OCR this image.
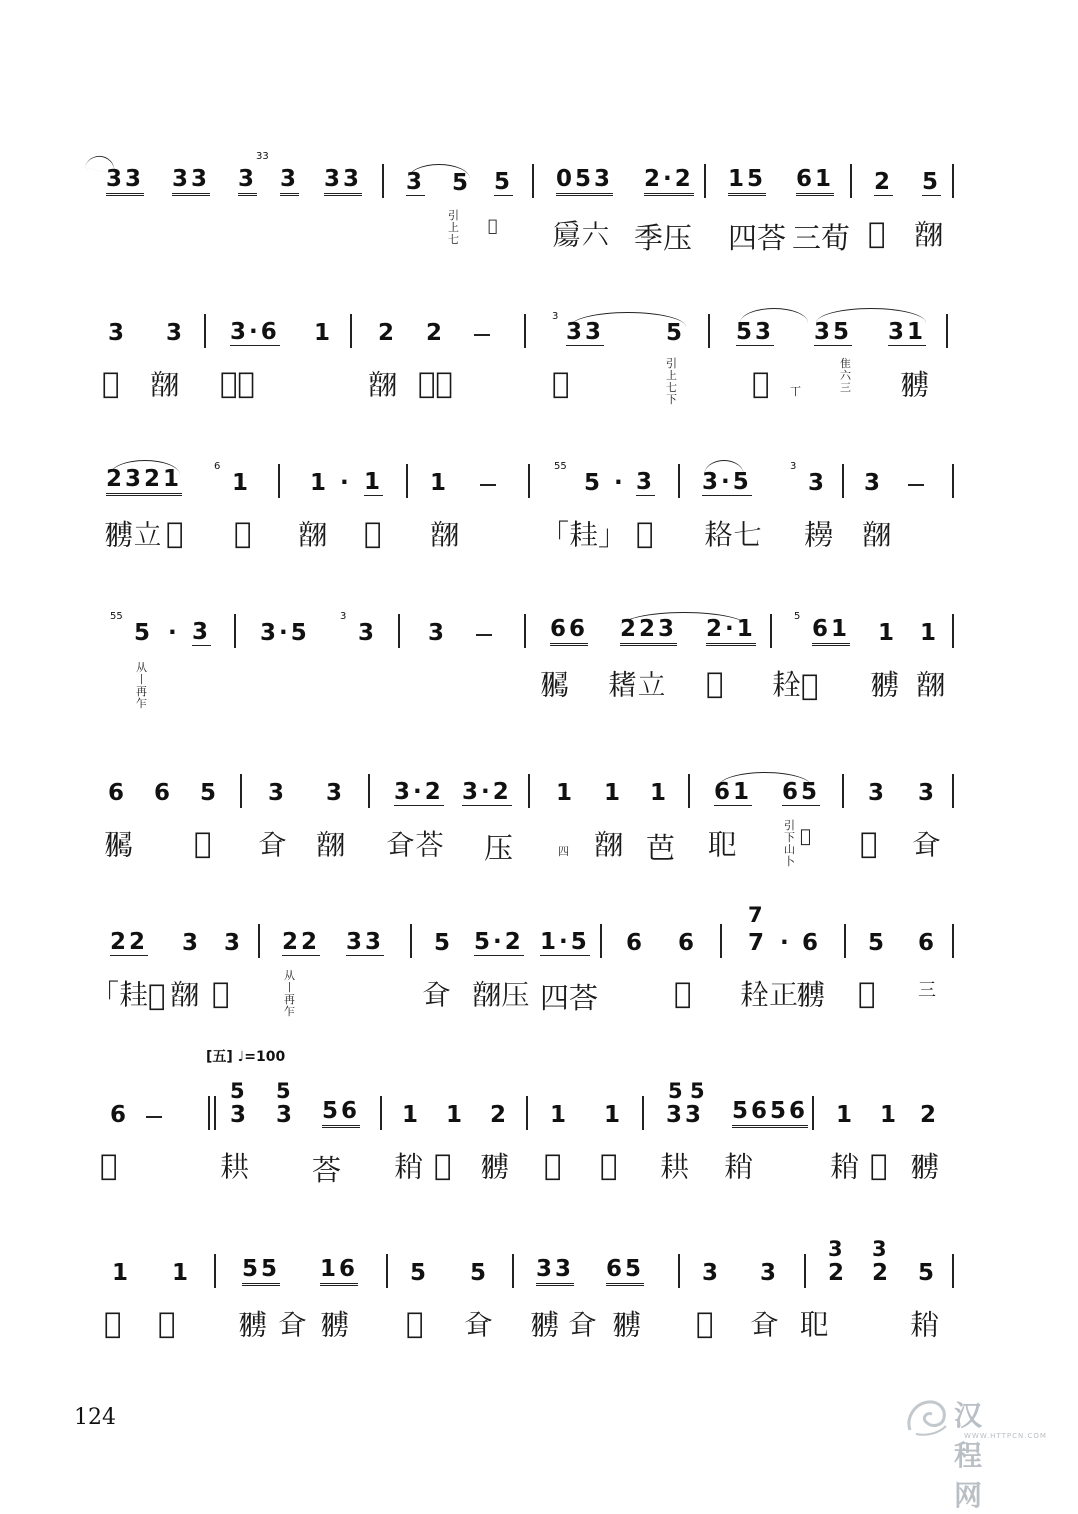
33 33
33
3 3 33 3 5 5 053 2·2 15 61 2 5
引上七
𤝤 𤔰六 季压 四荅 三荀 𦑗 𦒟
3 3 3·6 1 2 2
3
33	5 53 35 31
𦔴 𦒟 𦔴荅	𦒟 𦔴正	𦒛
引上七下	𦔴 丅
隹六三 𦒊
2321	6
1	1 · 1 1
55
5 · 3 3·5
3
3 3
𦒊立 𦓮 𦓮 𦒟 𦒛 𦒟	「𦓯」 𦓮 𦓱七 𦔨 𦒟
55
5 · 3 3·5
3
3 3	66 223 2·1	5 61 1 1
从丨再乍
𦒞 𦔌立 𦓮 𦓰𦔴 𦒊 𦒟
6 6 5 3 3 3·2 3·2 1 1 1 61 65 3 3
𦒞 𦓮 𦔵 𦒟 𦔵荅 压	四 𦒟 芭 𦔶
引下山卜
𦔴 𦓲 𦔵
7
22 3 3 22 33 5 5·2 1·5 6 6 7 · 6 5 6
「𦓯𦔴 𦒟 𦔴
从丨再乍	𦔵 𦒟压 四荅	𦔴 𦓰正
𦒊 𦓲 三
[五] ♩=100
5 5	5 5
6	3 3 56 1 1 2 1 1 33 5656 1 1 2
𦔴	𦓳 荅 𦓴 𦔴 𦒊 𦓲 𦔴 𦓳 𦓴	𦓴 𦔴 𦒊
3 3
1 1 55 16 5 5 33 65	3 3 2 2 5
𦓲 𦔴 𦒊 𦔵 𦒊 𦓲 𦔵 𦒊 𦔵 𦒊 𦓲 𦔵 𦔶	𦓴
124	汉程网
WWW.HTTPCN.COM
